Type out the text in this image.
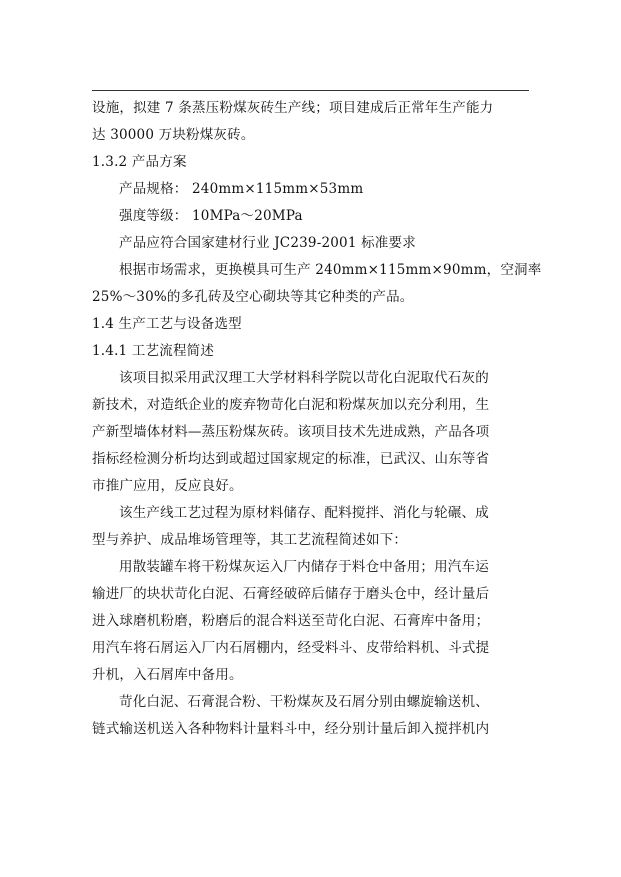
设施，拟建 7 条蒸压粉煤灰砖生产线；项目建成后正常年生产能力
达 30000 万块粉煤灰砖。
1.3.2 产品方案
产品规格： 240mm×115mm×53mm
强度等级： 10MPa～20MPa
产品应符合国家建材行业 JC239-2001 标准要求
根据市场需求，更换模具可生产 240mm×115mm×90mm，空洞率
25%～30%的多孔砖及空心砌块等其它种类的产品。
1.4 生产工艺与设备选型
1.4.1 工艺流程简述
该项目拟采用武汉理工大学材料科学院以苛化白泥取代石灰的
新技术，对造纸企业的废弃物苛化白泥和粉煤灰加以充分利用，生
产新型墙体材料—蒸压粉煤灰砖。该项目技术先进成熟，产品各项
指标经检测分析均达到或超过国家规定的标准，已武汉、山东等省
市推广应用，反应良好。
该生产线工艺过程为原材料储存、配料搅拌、消化与轮碾、成
型与养护、成品堆场管理等，其工艺流程简述如下：
用散装罐车将干粉煤灰运入厂内储存于料仓中备用；用汽车运
输进厂的块状苛化白泥、石膏经破碎后储存于磨头仓中，经计量后
进入球磨机粉磨，粉磨后的混合料送至苛化白泥、石膏库中备用；
用汽车将石屑运入厂内石屑棚内，经受料斗、皮带给料机、斗式提
升机，入石屑库中备用。
苛化白泥、石膏混合粉、干粉煤灰及石屑分别由螺旋输送机、
链式输送机送入各种物料计量料斗中，经分别计量后卸入搅拌机内
